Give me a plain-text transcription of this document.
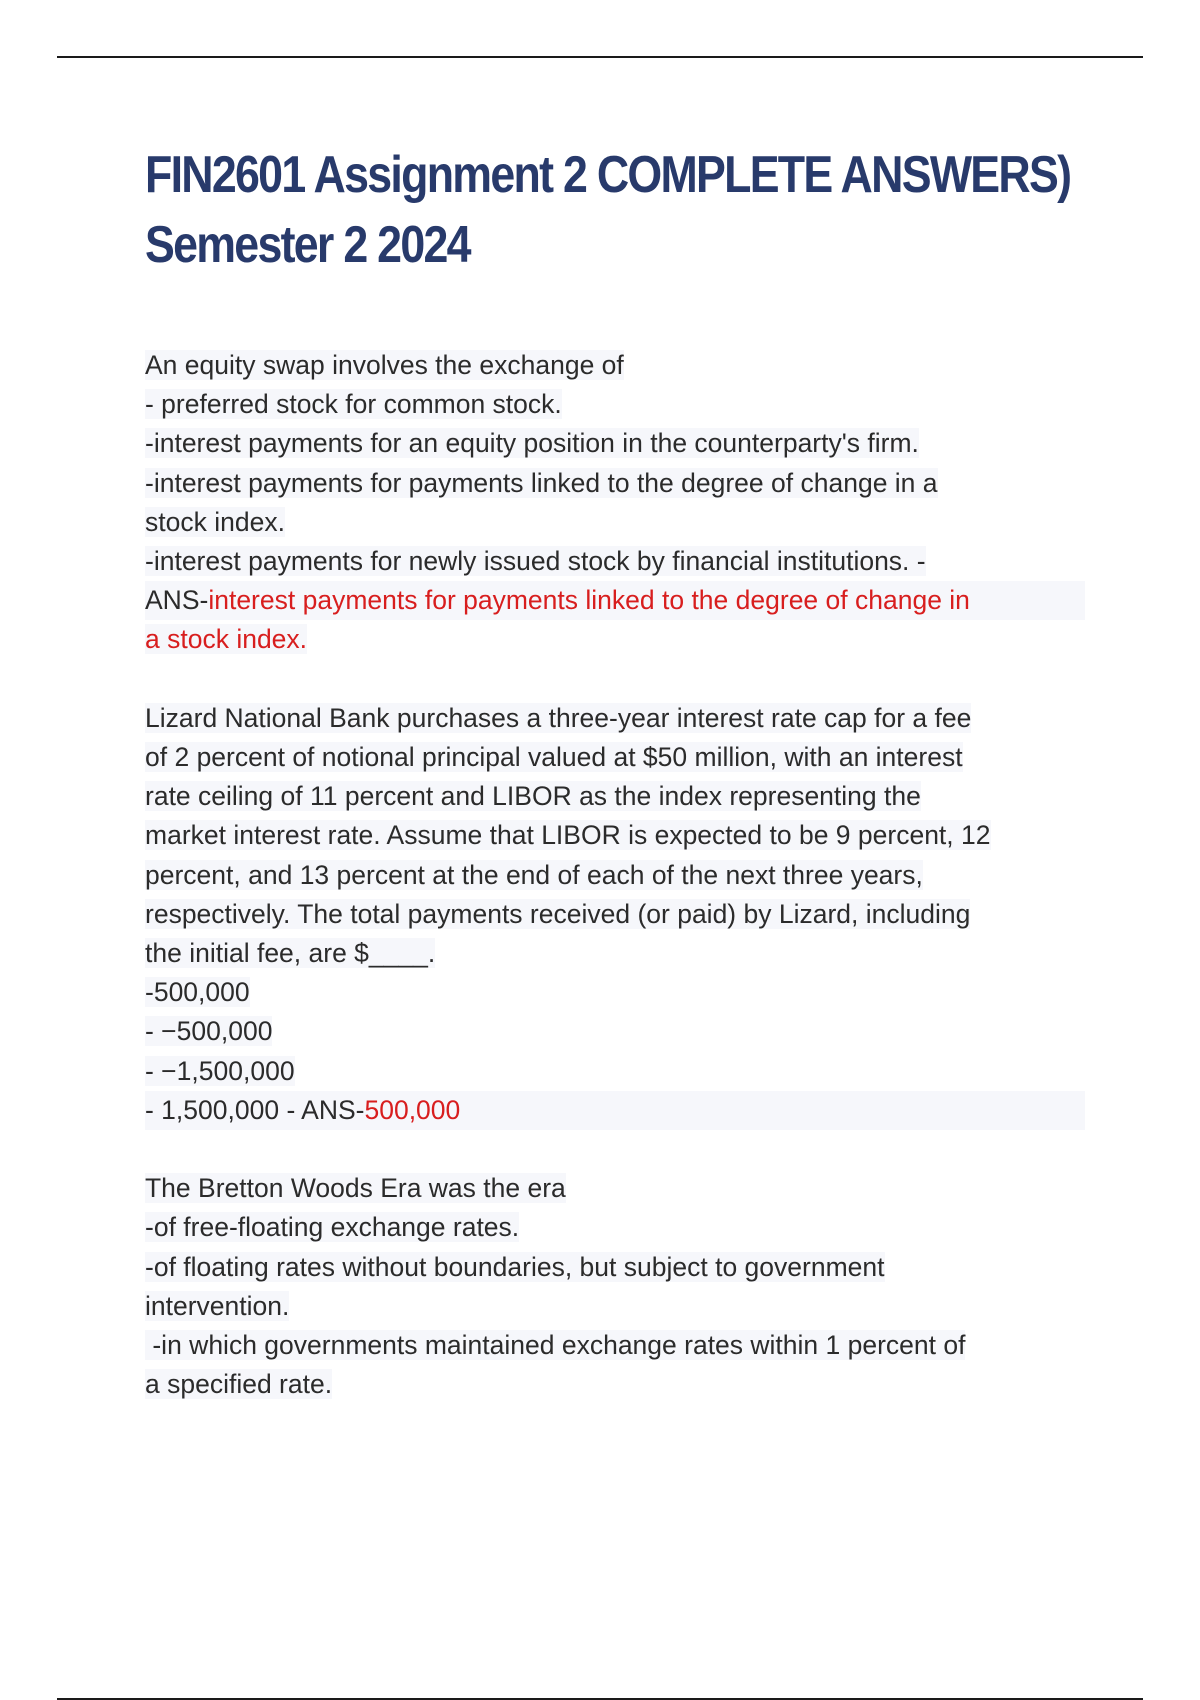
FIN2601 Assignment 2 COMPLETE ANSWERS)
Semester 2 2024
An equity swap involves the exchange of
- preferred stock for common stock.
-interest payments for an equity position in the counterparty's firm.
-interest payments for payments linked to the degree of change in a
stock index.
-interest payments for newly issued stock by financial institutions. -
ANS-interest payments for payments linked to the degree of change in
a stock index.
Lizard National Bank purchases a three-year interest rate cap for a fee
of 2 percent of notional principal valued at $50 million, with an interest
rate ceiling of 11 percent and LIBOR as the index representing the
market interest rate. Assume that LIBOR is expected to be 9 percent, 12
percent, and 13 percent at the end of each of the next three years,
respectively. The total payments received (or paid) by Lizard, including
the initial fee, are $____.
-500,000
- −500,000
- −1,500,000
- 1,500,000 - ANS-500,000
The Bretton Woods Era was the era
-of free-floating exchange rates.
-of floating rates without boundaries, but subject to government
intervention.
-in which governments maintained exchange rates within 1 percent of
a specified rate.
